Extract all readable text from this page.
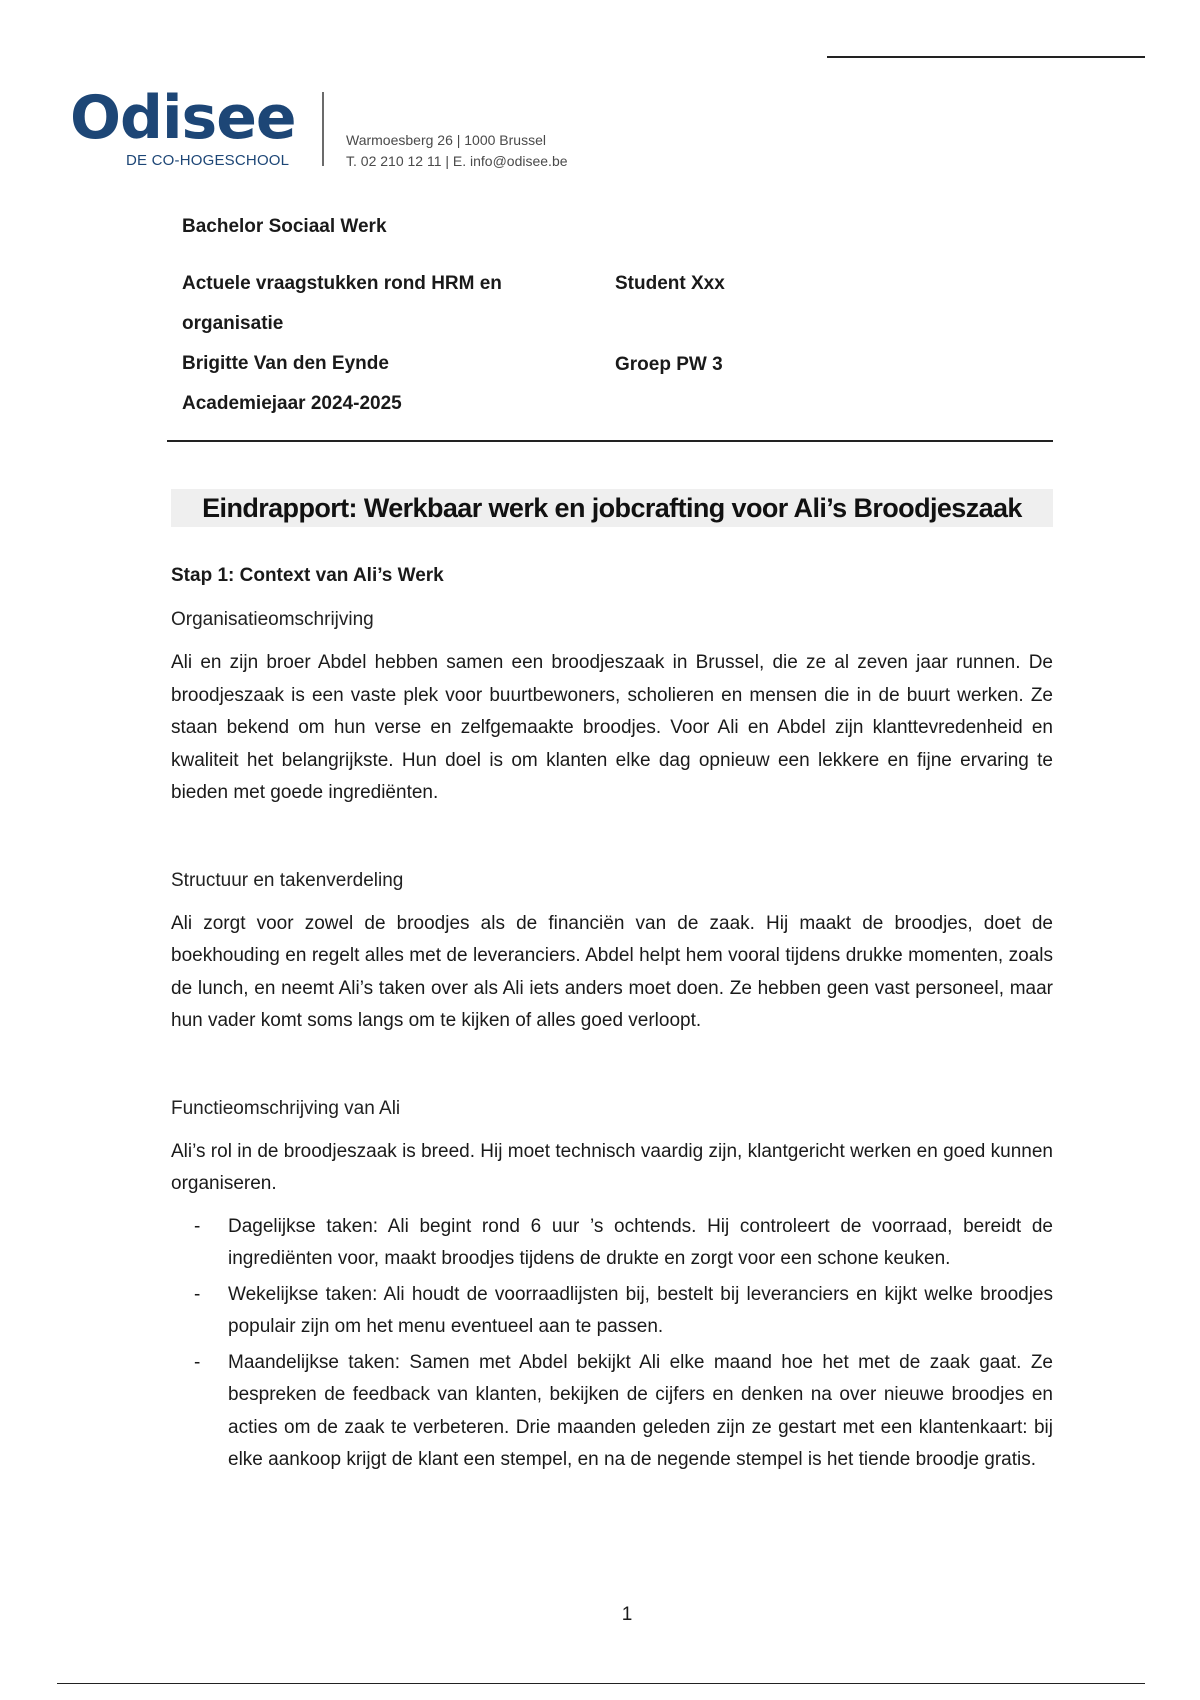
Odisee
DE CO-HOGESCHOOL
Warmoesberg 26 | 1000 Brussel
T. 02 210 12 11 | E. info@odisee.be
Bachelor Sociaal Werk
Actuele vraagstukken rond HRM en organisatie
Brigitte Van den Eynde
Academiejaar 2024-2025
Student Xxx
Groep PW 3
Eindrapport: Werkbaar werk en jobcrafting voor Ali’s Broodjeszaak
Stap 1: Context van Ali’s Werk
Organisatieomschrijving

Ali en zijn broer Abdel hebben samen een broodjeszaak in Brussel, die ze al zeven jaar runnen. De broodjeszaak is een vaste plek voor buurtbewoners, scholieren en mensen die in de buurt werken. Ze staan bekend om hun verse en zelfgemaakte broodjes. Voor Ali en Abdel zijn klanttevredenheid en kwaliteit het belangrijkste. Hun doel is om klanten elke dag opnieuw een lekkere en fijne ervaring te bieden met goede ingrediënten.

Structuur en takenverdeling

Ali zorgt voor zowel de broodjes als de financiën van de zaak. Hij maakt de broodjes, doet de boekhouding en regelt alles met de leveranciers. Abdel helpt hem vooral tijdens drukke momenten, zoals de lunch, en neemt Ali’s taken over als Ali iets anders moet doen. Ze hebben geen vast personeel, maar hun vader komt soms langs om te kijken of alles goed verloopt.

Functieomschrijving van Ali

Ali’s rol in de broodjeszaak is breed. Hij moet technisch vaardig zijn, klantgericht werken en goed kunnen organiseren.

- Dagelijkse taken: Ali begint rond 6 uur ’s ochtends. Hij controleert de voorraad, bereidt de ingrediënten voor, maakt broodjes tijdens de drukte en zorgt voor een schone keuken.

- Wekelijkse taken: Ali houdt de voorraadlijsten bij, bestelt bij leveranciers en kijkt welke broodjes populair zijn om het menu eventueel aan te passen.

- Maandelijkse taken: Samen met Abdel bekijkt Ali elke maand hoe het met de zaak gaat. Ze bespreken de feedback van klanten, bekijken de cijfers en denken na over nieuwe broodjes en acties om de zaak te verbeteren. Drie maanden geleden zijn ze gestart met een klantenkaart: bij elke aankoop krijgt de klant een stempel, en na de negende stempel is het tiende broodje gratis.

1
